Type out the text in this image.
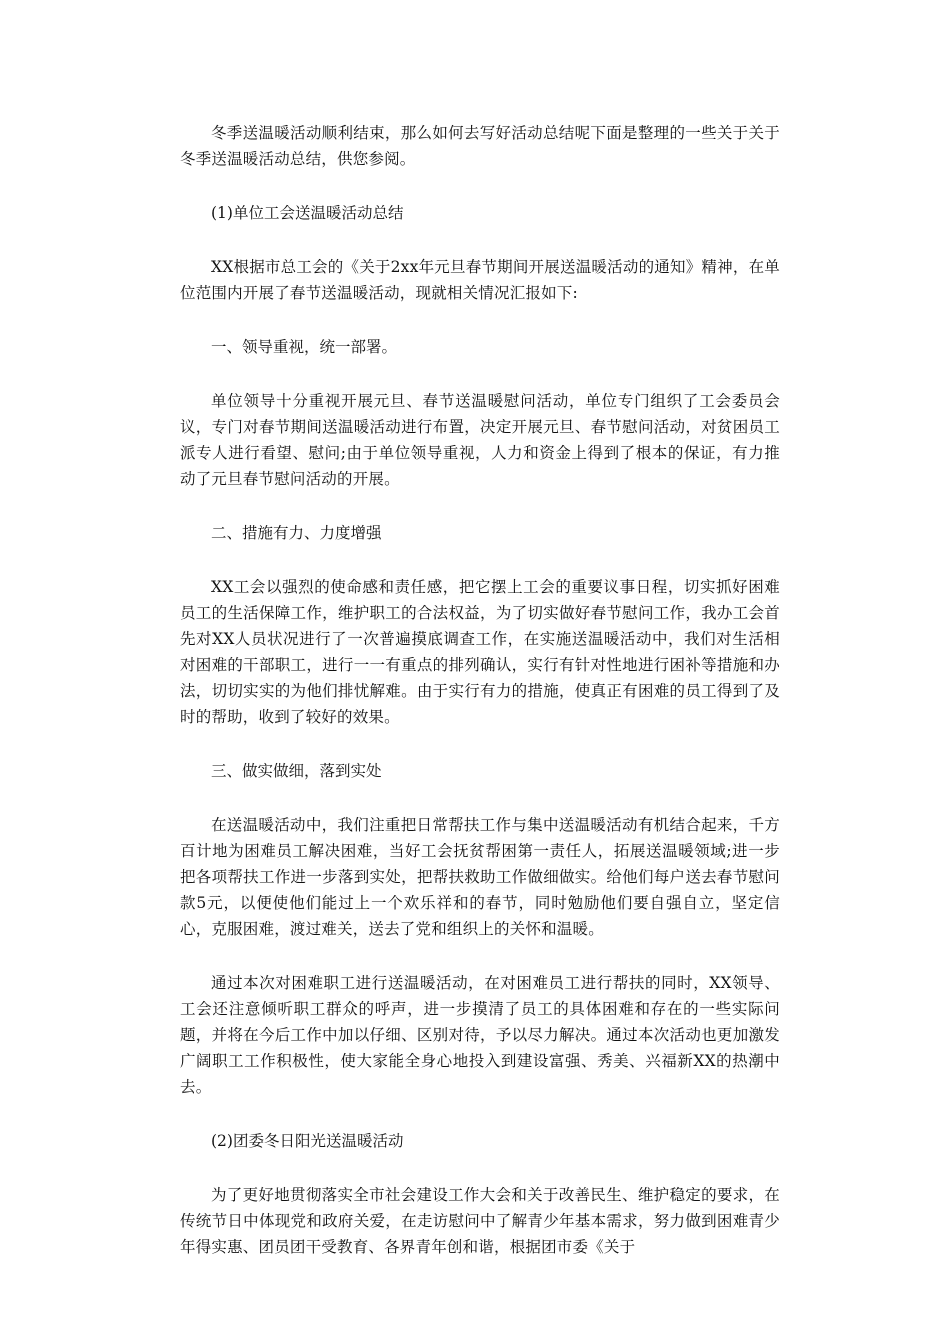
冬季送温暖活动顺利结束，那么如何去写好活动总结呢下面是整理的一些关于关于冬季送温暖活动总结，供您参阅。

(1)单位工会送温暖活动总结

XX根据市总工会的《关于2xx年元旦春节期间开展送温暖活动的通知》精神，在单位范围内开展了春节送温暖活动，现就相关情况汇报如下:

一、领导重视，统一部署。

单位领导十分重视开展元旦、春节送温暖慰问活动，单位专门组织了工会委员会议，专门对春节期间送温暖活动进行布置，决定开展元旦、春节慰问活动，对贫困员工派专人进行看望、慰问;由于单位领导重视，人力和资金上得到了根本的保证，有力推动了元旦春节慰问活动的开展。

二、措施有力、力度增强

XX工会以强烈的使命感和责任感，把它摆上工会的重要议事日程，切实抓好困难员工的生活保障工作，维护职工的合法权益，为了切实做好春节慰问工作，我办工会首先对XX人员状况进行了一次普遍摸底调查工作，在实施送温暖活动中，我们对生活相对困难的干部职工，进行一一有重点的排列确认，实行有针对性地进行困补等措施和办法，切切实实的为他们排忧解难。由于实行有力的措施，使真正有困难的员工得到了及时的帮助，收到了较好的效果。

三、做实做细，落到实处

在送温暖活动中，我们注重把日常帮扶工作与集中送温暖活动有机结合起来，千方百计地为困难员工解决困难，当好工会抚贫帮困第一责任人，拓展送温暖领域;进一步把各项帮扶工作进一步落到实处，把帮扶救助工作做细做实。给他们每户送去春节慰问款5元，以便使他们能过上一个欢乐祥和的春节，同时勉励他们要自强自立，坚定信心，克服困难，渡过难关，送去了党和组织上的关怀和温暖。

通过本次对困难职工进行送温暖活动，在对困难员工进行帮扶的同时，XX领导、工会还注意倾听职工群众的呼声，进一步摸清了员工的具体困难和存在的一些实际问题，并将在今后工作中加以仔细、区别对待，予以尽力解决。通过本次活动也更加激发广阔职工工作积极性，使大家能全身心地投入到建设富强、秀美、兴福新XX的热潮中去。

(2)团委冬日阳光送温暖活动

为了更好地贯彻落实全市社会建设工作大会和关于改善民生、维护稳定的要求，在传统节日中体现党和政府关爱，在走访慰问中了解青少年基本需求，努力做到困难青少年得实惠、团员团干受教育、各界青年创和谐，根据团市委《关于
